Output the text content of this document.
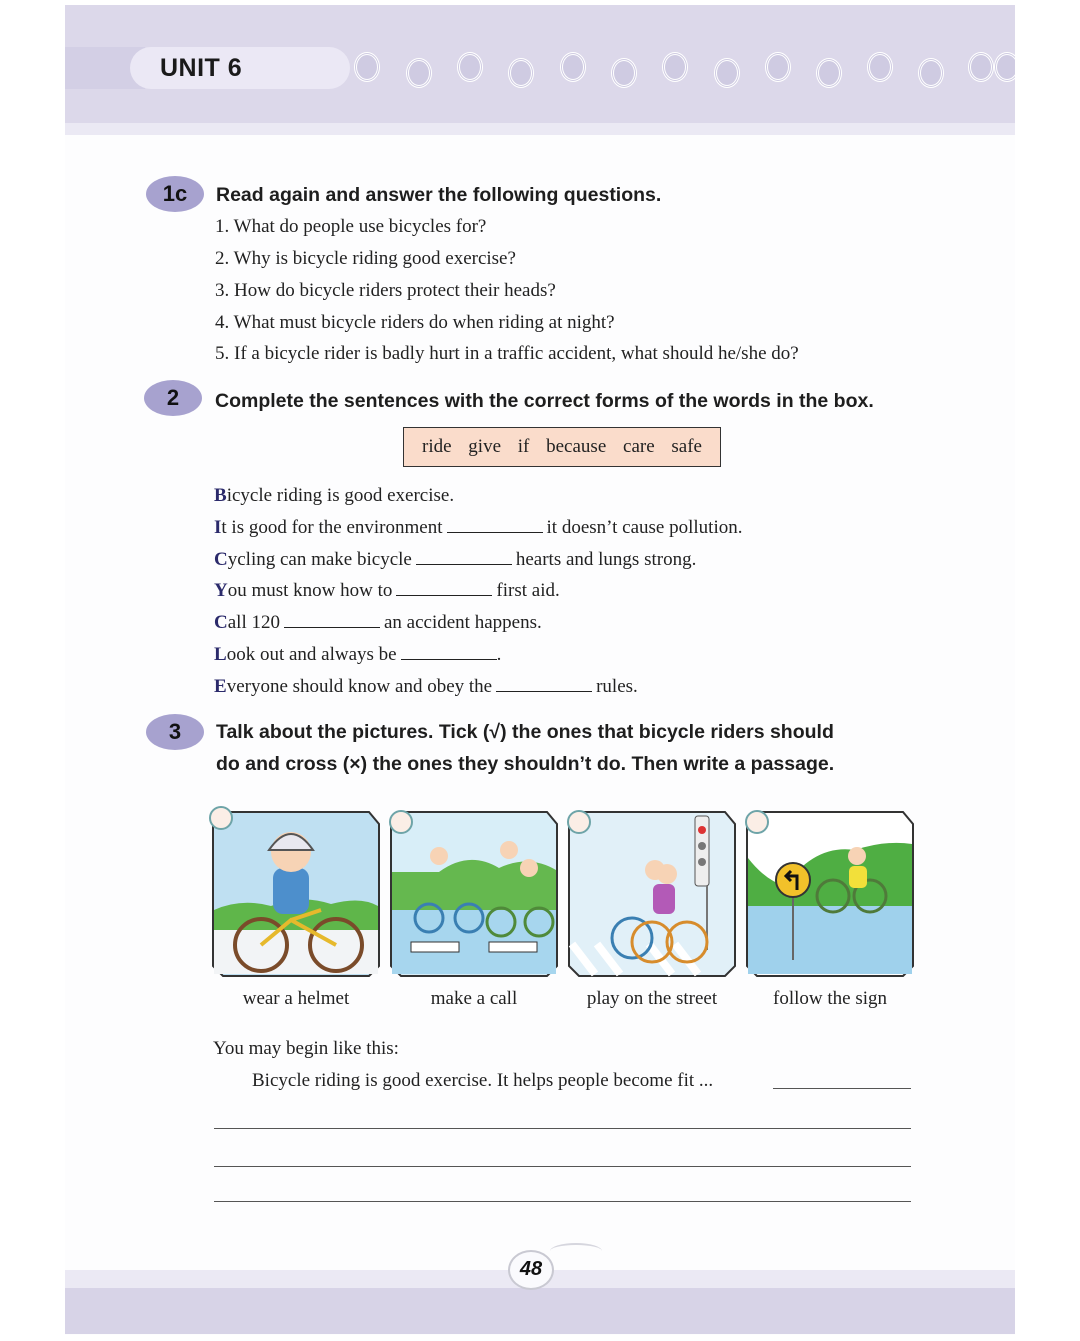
UNIT 6
1c	Read again and answer the following questions.
1. What do people use bicycles for?
2. Why is bicycle riding good exercise?
3. How do bicycle riders protect their heads?
4. What must bicycle riders do when riding at night?
5. If a bicycle rider is badly hurt in a traffic accident, what should he/she do?
2	Complete the sentences with the correct forms of the words in the box.
ride give if because care safe
Bicycle riding is good exercise.
It is good for the environment	it doesn’t cause pollution.
Cycling can make bicycle	hearts and lungs strong.
You must know how to	first aid.
Call 120	an accident happens.
Look out and always be	.
Everyone should know and obey the	rules.
3	Talk about the pictures. Tick (√) the ones that bicycle riders should
do and cross (×) the ones they shouldn’t do. Then write a passage.
wear a helmet	make a call	play on the street	follow the sign
You may begin like this:
Bicycle riding is good exercise. It helps people become fit ...
48
